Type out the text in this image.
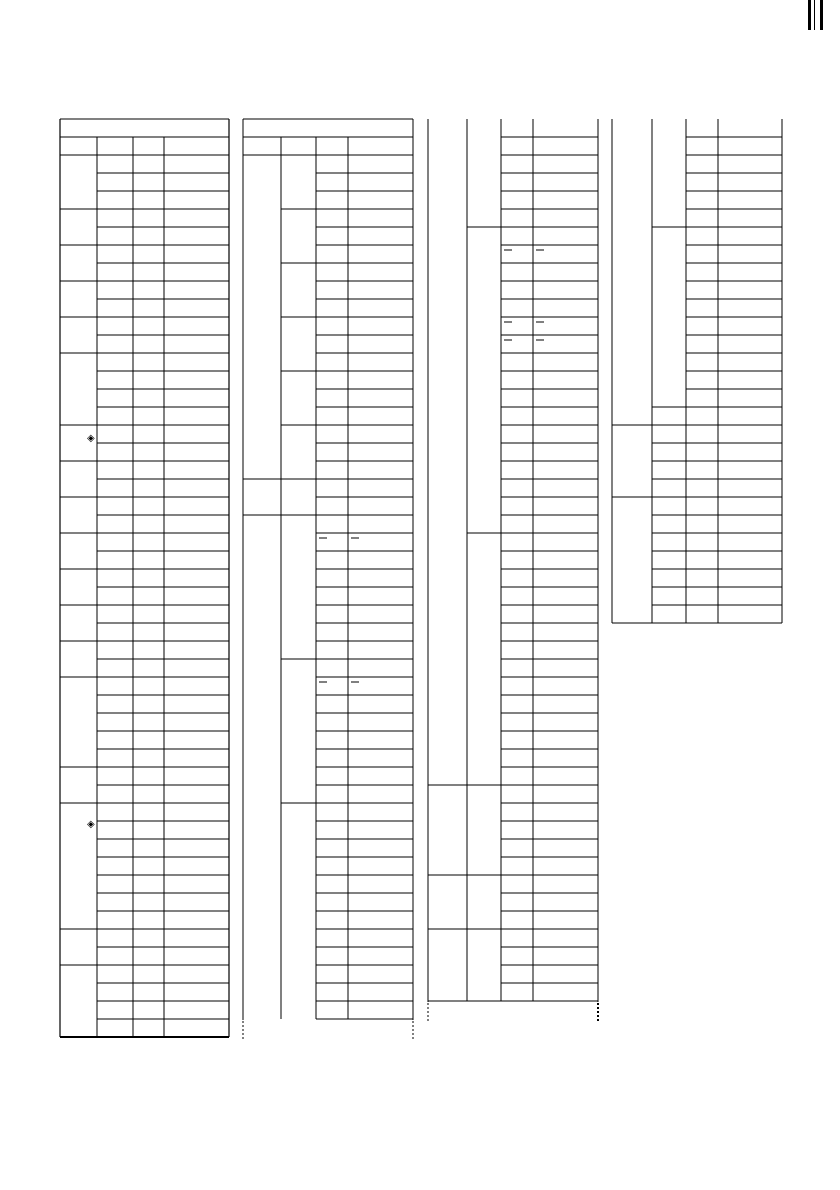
◈
◈
